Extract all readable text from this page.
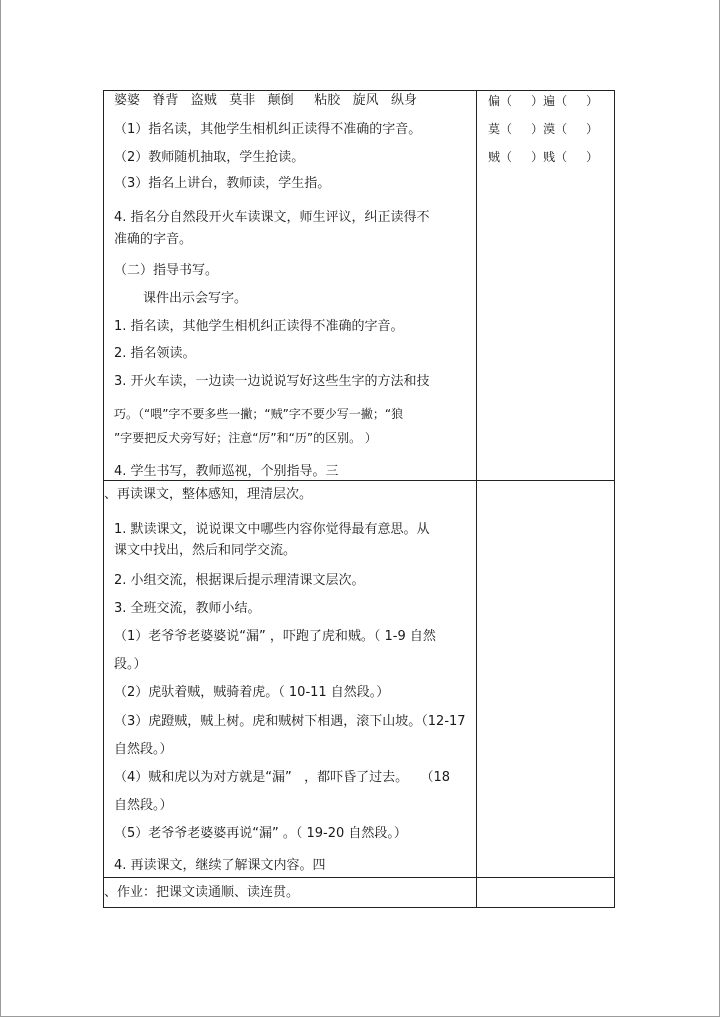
婆婆   脊背   盗贼   莫非   颠倒     粘胶   旋风   纵身
（1）指名读，其他学生相机纠正读得不准确的字音。
（2）教师随机抽取，学生抢读。
（3）指名上讲台，教师读，学生指。
4. 指名分自然段开火车读课文，师生评议，纠正读得不
准确的字音。
（二）指导书写。
课件出示会写字。
1. 指名读，其他学生相机纠正读得不准确的字音。
2. 指名领读。
3. 开火车读，一边读一边说说写好这些生字的方法和技
巧。（“喂”字不要多些一撇；“贼”字不要少写一撇；“狼
”字要把反犬旁写好；注意“厉”和“历”的区别。 ）
4. 学生书写，教师巡视，个别指导。三
偏（     ）遍（     ）
莫（     ）漠（     ）
贼（     ）贱（     ）
、再读课文，整体感知，理清层次。
1. 默读课文，说说课文中哪些内容你觉得最有意思。从
课文中找出，然后和同学交流。
2. 小组交流，根据课后提示理清课文层次。
3. 全班交流，教师小结。
（1）老爷爷老婆婆说“漏” ，吓跑了虎和贼。（ 1-9 自然
段。）
（2）虎驮着贼，贼骑着虎。（ 10-11 自然段。）
（3）虎蹬贼，贼上树。虎和贼树下相遇，滚下山坡。（12-17
自然段。）
（4）贼和虎以为对方就是“漏”   ，都吓昏了过去。   （18
自然段。）
（5）老爷爷老婆婆再说“漏” 。（ 19-20 自然段。）
4. 再读课文，继续了解课文内容。四
、作业：把课文读通顺、读连贯。
